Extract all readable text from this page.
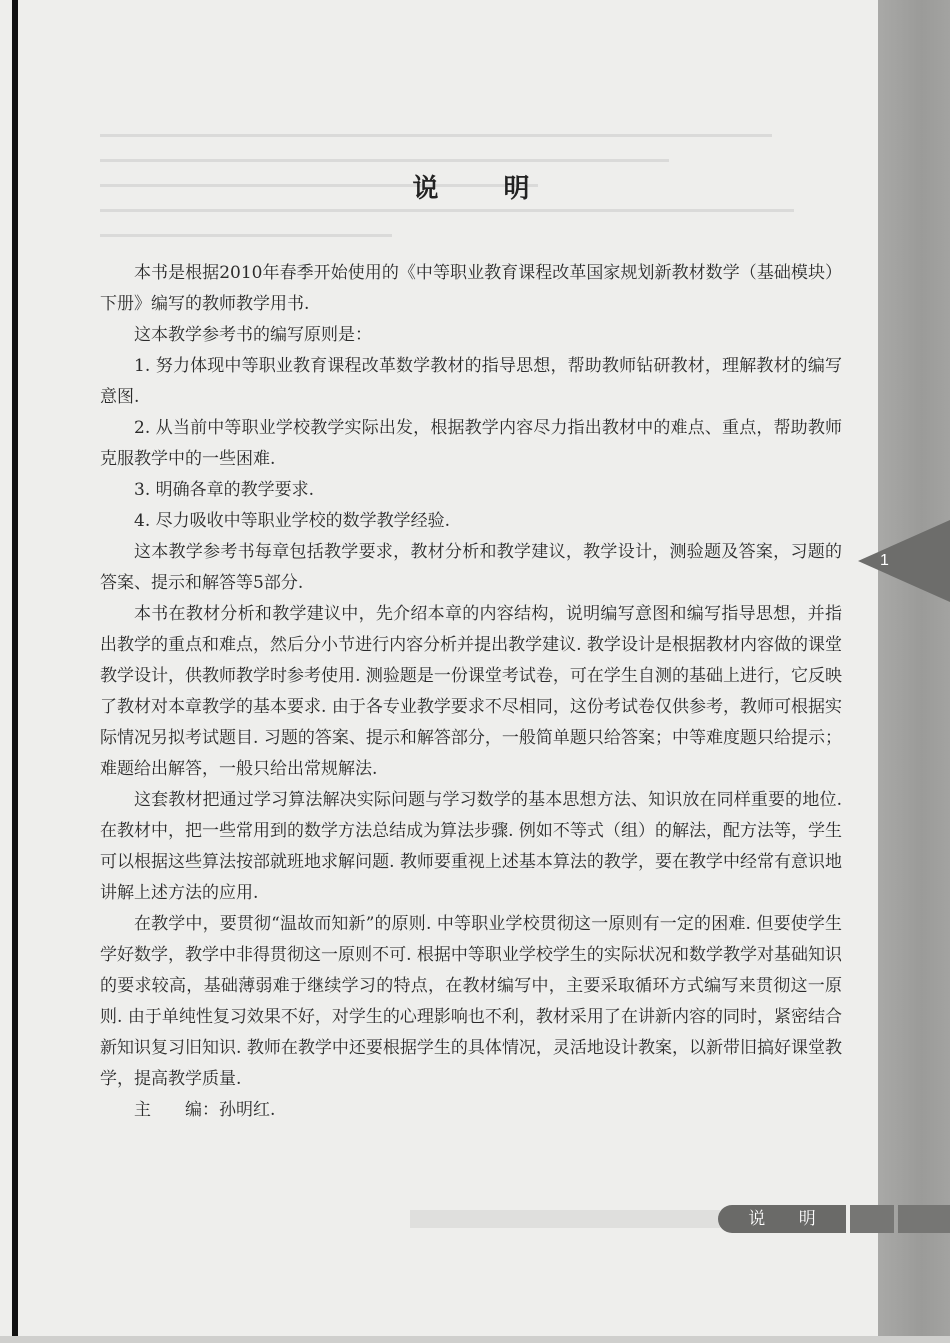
1
说 明

本书是根据2010年春季开始使用的《中等职业教育课程改革国家规划新教材数学（基础模块）下册》编写的教师教学用书.

这本教学参考书的编写原则是：

1. 努力体现中等职业教育课程改革数学教材的指导思想，帮助教师钻研教材，理解教材的编写意图.

2. 从当前中等职业学校教学实际出发，根据教学内容尽力指出教材中的难点、重点，帮助教师克服教学中的一些困难.

3. 明确各章的教学要求.

4. 尽力吸收中等职业学校的数学教学经验.

这本教学参考书每章包括教学要求，教材分析和教学建议，教学设计，测验题及答案，习题的答案、提示和解答等5部分.

本书在教材分析和教学建议中，先介绍本章的内容结构，说明编写意图和编写指导思想，并指出教学的重点和难点，然后分小节进行内容分析并提出教学建议. 教学设计是根据教材内容做的课堂教学设计，供教师教学时参考使用. 测验题是一份课堂考试卷，可在学生自测的基础上进行，它反映了教材对本章教学的基本要求. 由于各专业教学要求不尽相同，这份考试卷仅供参考，教师可根据实际情况另拟考试题目. 习题的答案、提示和解答部分，一般简单题只给答案；中等难度题只给提示；难题给出解答，一般只给出常规解法.

这套教材把通过学习算法解决实际问题与学习数学的基本思想方法、知识放在同样重要的地位. 在教材中，把一些常用到的数学方法总结成为算法步骤. 例如不等式（组）的解法，配方法等，学生可以根据这些算法按部就班地求解问题. 教师要重视上述基本算法的教学，要在教学中经常有意识地讲解上述方法的应用.

在教学中，要贯彻“温故而知新”的原则. 中等职业学校贯彻这一原则有一定的困难. 但要使学生学好数学，教学中非得贯彻这一原则不可. 根据中等职业学校学生的实际状况和数学教学对基础知识的要求较高，基础薄弱难于继续学习的特点，在教材编写中，主要采取循环方式编写来贯彻这一原则. 由于单纯性复习效果不好，对学生的心理影响也不利，教材采用了在讲新内容的同时，紧密结合新知识复习旧知识. 教师在教学中还要根据学生的具体情况，灵活地设计教案，以新带旧搞好课堂教学，提高教学质量.

主　　编：孙明红.
说 明
